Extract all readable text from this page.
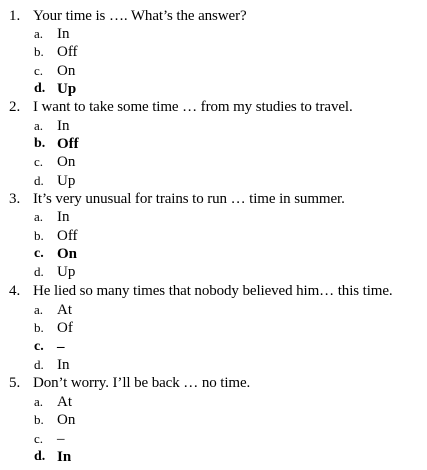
1. Your time is …. What’s the answer?
a. In
b. Off
c. On
d. Up
2. I want to take some time … from my studies to travel.
a. In
b. Off
c. On
d. Up
3. It’s very unusual for trains to run … time in summer.
a. In
b. Off
c. On
d. Up
4. He lied so many times that nobody believed him… this time.
a. At
b. Of
c. –
d. In
5. Don’t worry. I’ll be back … no time.
a. At
b. On
c. –
d. In
